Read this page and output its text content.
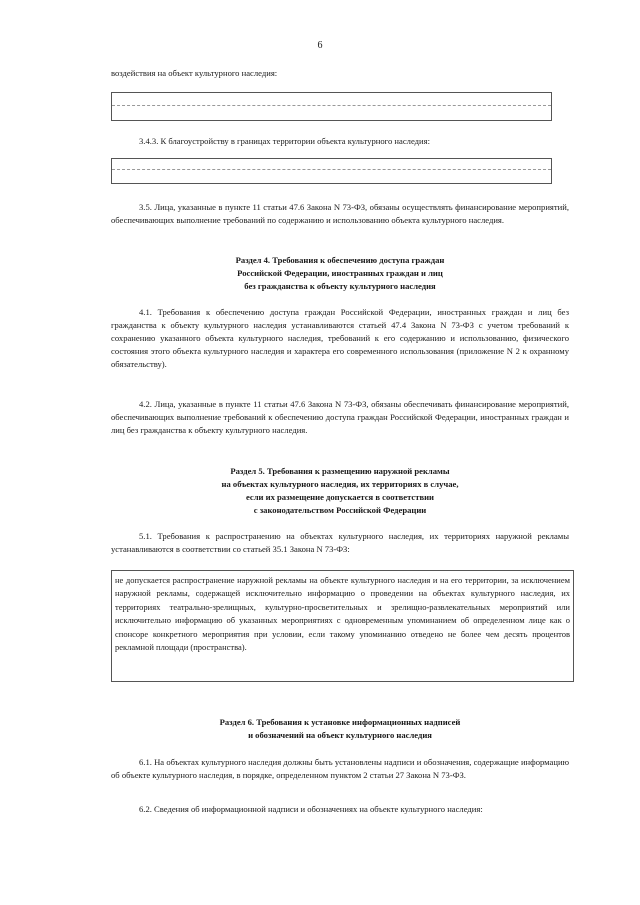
6
воздействия на объект культурного наследия:
3.4.3. К благоустройству в границах территории объекта культурного наследия:

3.5. Лица, указанные в пункте 11 статьи 47.6 Закона N 73-ФЗ, обязаны осуществлять финансирование мероприятий, обеспечивающих выполнение требований по содержанию и использованию объекта культурного наследия.

Раздел 4. Требования к обеспечению доступа граждан
Российской Федерации, иностранных граждан и лиц
без гражданства к объекту культурного наследия

4.1. Требования к обеспечению доступа граждан Российской Федерации, иностранных граждан и лиц без гражданства к объекту культурного наследия устанавливаются статьей 47.4 Закона N 73-ФЗ с учетом требований к сохранению указанного объекта культурного наследия, требований к его содержанию и использованию, физического состояния этого объекта культурного наследия и характера его современного использования (приложение N 2 к охранному обязательству).

4.2. Лица, указанные в пункте 11 статьи 47.6 Закона N 73-ФЗ, обязаны обеспечивать финансирование мероприятий, обеспечивающих выполнение требований к обеспечению доступа граждан Российской Федерации, иностранных граждан и лиц без гражданства к объекту культурного наследия.

Раздел 5. Требования к размещению наружной рекламы
на объектах культурного наследия, их территориях в случае,
если их размещение допускается в соответствии
с законодательством Российской Федерации

5.1. Требования к распространению на объектах культурного наследия, их территориях наружной рекламы устанавливаются в соответствии со статьей 35.1 Закона N 73-ФЗ:

не допускается распространение наружной рекламы на объекте культурного наследия и на его территории, за исключением наружной рекламы, содержащей исключительно информацию о проведении на объектах культурного наследия, их территориях театрально-зрелищных, культурно-просветительных и зрелищно-развлекательных мероприятий или исключительно информацию об указанных мероприятиях с одновременным упоминанием об определенном лице как о спонсоре конкретного мероприятия при условии, если такому упоминанию отведено не более чем десять процентов рекламной площади (пространства).
Раздел 6. Требования к установке информационных надписей
и обозначений на объект культурного наследия

6.1. На объектах культурного наследия должны быть установлены надписи и обозначения, содержащие информацию об объекте культурного наследия, в порядке, определенном пунктом 2 статьи 27 Закона N 73-ФЗ.

6.2. Сведения об информационной надписи и обозначениях на объекте культурного наследия:
